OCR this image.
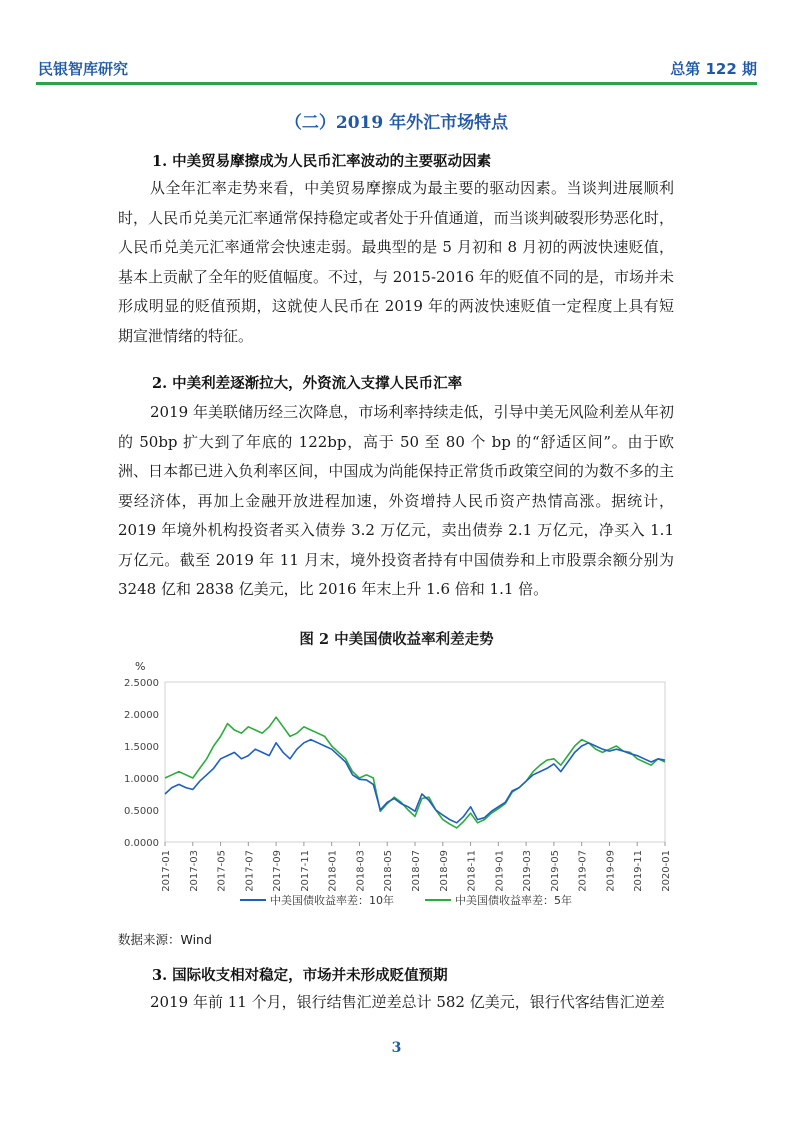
民银智库研究	总第 122 期
（二）2019 年外汇市场特点
1. 中美贸易摩擦成为人民币汇率波动的主要驱动因素
从全年汇率走势来看，中美贸易摩擦成为最主要的驱动因素。当谈判进展顺利时，人民币兑美元汇率通常保持稳定或者处于升值通道，而当谈判破裂形势恶化时，人民币兑美元汇率通常会快速走弱。最典型的是 5 月初和 8 月初的两波快速贬值，基本上贡献了全年的贬值幅度。不过，与 2015-2016 年的贬值不同的是，市场并未形成明显的贬值预期，这就使人民币在 2019 年的两波快速贬值一定程度上具有短期宣泄情绪的特征。
2. 中美利差逐渐拉大，外资流入支撑人民币汇率
2019 年美联储历经三次降息，市场利率持续走低，引导中美无风险利差从年初的 50bp 扩大到了年底的 122bp，高于 50 至 80 个 bp 的“舒适区间”。由于欧洲、日本都已进入负利率区间，中国成为尚能保持正常货币政策空间的为数不多的主要经济体，再加上金融开放进程加速，外资增持人民币资产热情高涨。据统计，2019 年境外机构投资者买入债券 3.2 万亿元，卖出债券 2.1 万亿元，净买入 1.1 万亿元。截至 2019 年 11 月末，境外投资者持有中国债券和上市股票余额分别为 3248 亿和 2838 亿美元，比 2016 年末上升 1.6 倍和 1.1 倍。
图 2 中美国债收益率利差走势
%
0.0000
0.5000
1.0000
1.5000
2.0000
2.5000
2017-01 2017-03 2017-05 2017-07 2017-09 2017-11 2018-01 2018-03 2018-05 2018-07 2018-09 2018-11 2019-01 2019-03 2019-05 2019-07 2019-09 2019-11 2020-01
中美国债收益率差：10年	中美国债收益率差：5年
数据来源：Wind
3. 国际收支相对稳定，市场并未形成贬值预期
2019 年前 11 个月，银行结售汇逆差总计 582 亿美元，银行代客结售汇逆差
3
